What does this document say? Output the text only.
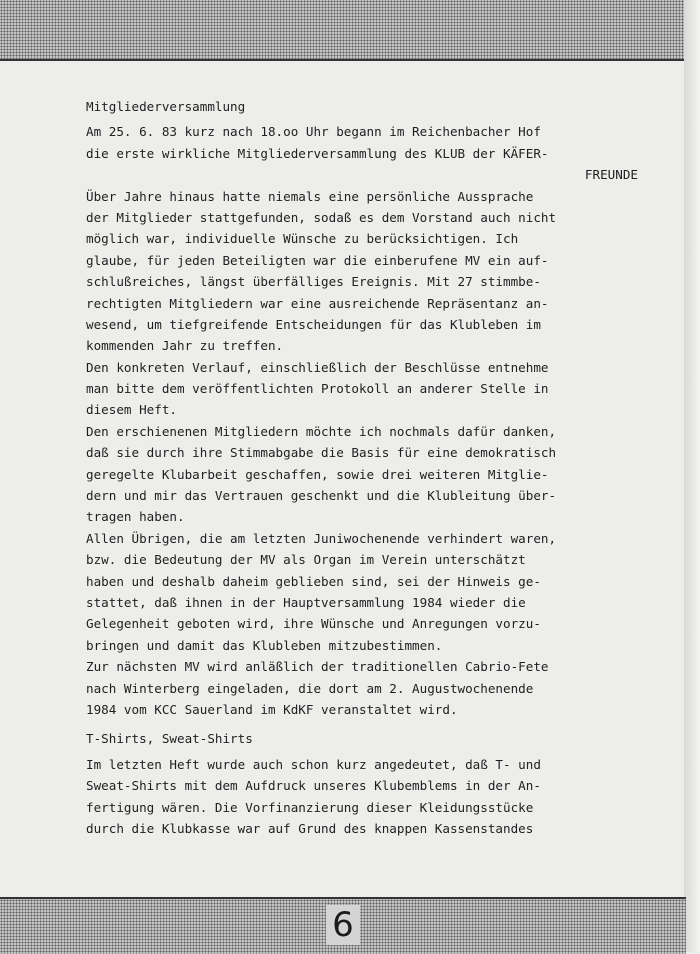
Mitgliederversammlung
Am 25. 6. 83 kurz nach 18.oo Uhr begann im Reichenbacher Hof
die erste wirkliche Mitgliederversammlung des KLUB der KÄFER-
FREUNDE
Über Jahre hinaus hatte niemals eine persönliche Aussprache
der Mitglieder stattgefunden, sodaß es dem Vorstand auch nicht
möglich war, individuelle Wünsche zu berücksichtigen. Ich
glaube, für jeden Beteiligten war die einberufene MV ein auf-
schlußreiches, längst überfälliges Ereignis. Mit 27 stimmbe-
rechtigten Mitgliedern war eine ausreichende Repräsentanz an-
wesend, um tiefgreifende Entscheidungen für das Klubleben im
kommenden Jahr zu treffen.
Den konkreten Verlauf, einschließlich der Beschlüsse entnehme
man bitte dem veröffentlichten Protokoll an anderer Stelle in
diesem Heft.
Den erschienenen Mitgliedern möchte ich nochmals dafür danken,
daß sie durch ihre Stimmabgabe die Basis für eine demokratisch
geregelte Klubarbeit geschaffen, sowie drei weiteren Mitglie-
dern und mir das Vertrauen geschenkt und die Klubleitung über-
tragen haben.
Allen Übrigen, die am letzten Juniwochenende verhindert waren,
bzw. die Bedeutung der MV als Organ im Verein unterschätzt
haben und deshalb daheim geblieben sind, sei der Hinweis ge-
stattet, daß ihnen in der Hauptversammlung 1984 wieder die
Gelegenheit geboten wird, ihre Wünsche und Anregungen vorzu-
bringen und damit das Klubleben mitzubestimmen.
Zur nächsten MV wird anläßlich der traditionellen Cabrio-Fete
nach Winterberg eingeladen, die dort am 2. Augustwochenende
1984 vom KCC Sauerland im KdKF veranstaltet wird.
T-Shirts, Sweat-Shirts
Im letzten Heft wurde auch schon kurz angedeutet, daß T- und
Sweat-Shirts mit dem Aufdruck unseres Klubemblems in der An-
fertigung wären. Die Vorfinanzierung dieser Kleidungsstücke
durch die Klubkasse war auf Grund des knappen Kassenstandes
6
